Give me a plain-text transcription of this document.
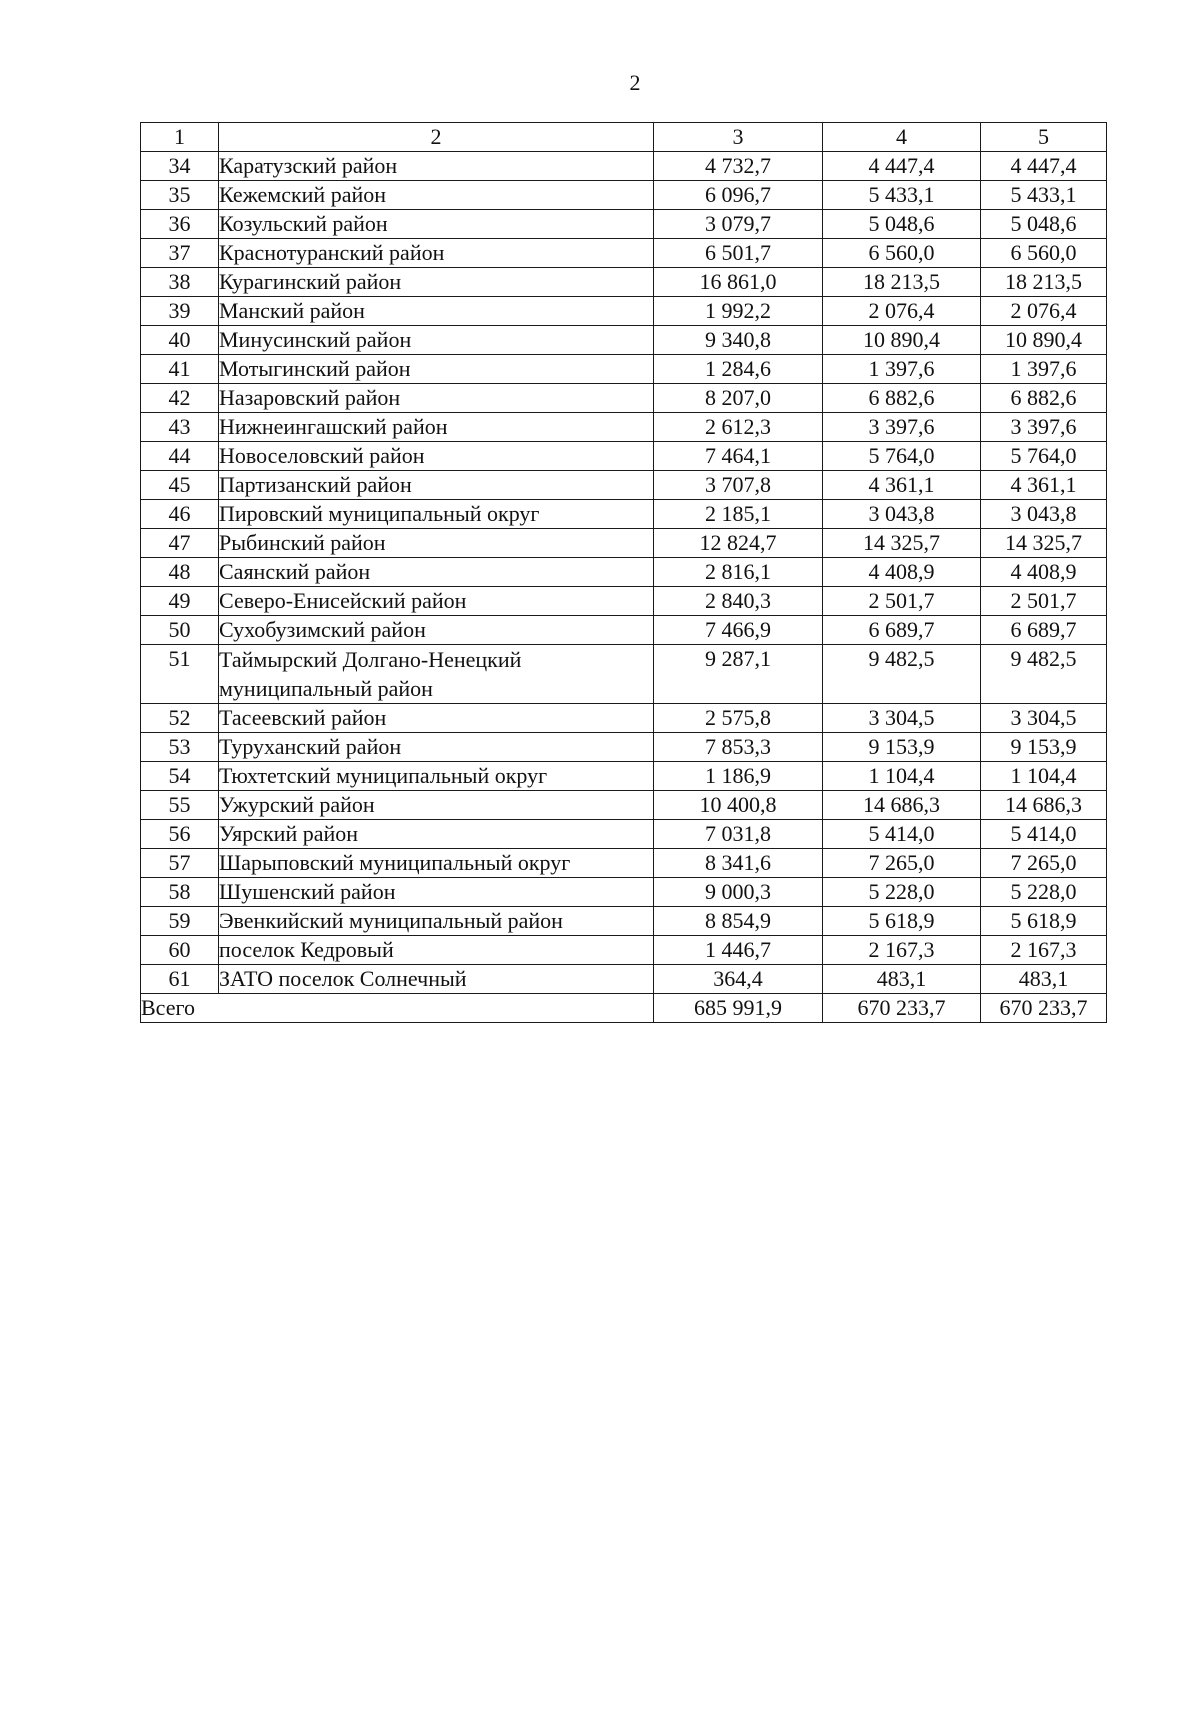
2
1	2	3	4	5
34	Каратузский район	4 732,7	4 447,4	4 447,4
35	Кежемский район	6 096,7	5 433,1	5 433,1
36	Козульский район	3 079,7	5 048,6	5 048,6
37	Краснотуранский район	6 501,7	6 560,0	6 560,0
38	Курагинский район	16 861,0	18 213,5	18 213,5
39	Манский район	1 992,2	2 076,4	2 076,4
40	Минусинский район	9 340,8	10 890,4	10 890,4
41	Мотыгинский район	1 284,6	1 397,6	1 397,6
42	Назаровский район	8 207,0	6 882,6	6 882,6
43	Нижнеингашский район	2 612,3	3 397,6	3 397,6
44	Новоселовский район	7 464,1	5 764,0	5 764,0
45	Партизанский район	3 707,8	4 361,1	4 361,1
46	Пировский муниципальный округ	2 185,1	3 043,8	3 043,8
47	Рыбинский район	12 824,7	14 325,7	14 325,7
48	Саянский район	2 816,1	4 408,9	4 408,9
49	Северо-Енисейский район	2 840,3	2 501,7	2 501,7
50	Сухобузимский район	7 466,9	6 689,7	6 689,7
51	Таймырский Долгано-Ненецкий муниципальный район	9 287,1	9 482,5	9 482,5
52	Тасеевский район	2 575,8	3 304,5	3 304,5
53	Туруханский район	7 853,3	9 153,9	9 153,9
54	Тюхтетский муниципальный округ	1 186,9	1 104,4	1 104,4
55	Ужурский район	10 400,8	14 686,3	14 686,3
56	Уярский район	7 031,8	5 414,0	5 414,0
57	Шарыповский муниципальный округ	8 341,6	7 265,0	7 265,0
58	Шушенский район	9 000,3	5 228,0	5 228,0
59	Эвенкийский муниципальный район	8 854,9	5 618,9	5 618,9
60	поселок Кедровый	1 446,7	2 167,3	2 167,3
61	ЗАТО поселок Солнечный	364,4	483,1	483,1
Всего		685 991,9	670 233,7	670 233,7
